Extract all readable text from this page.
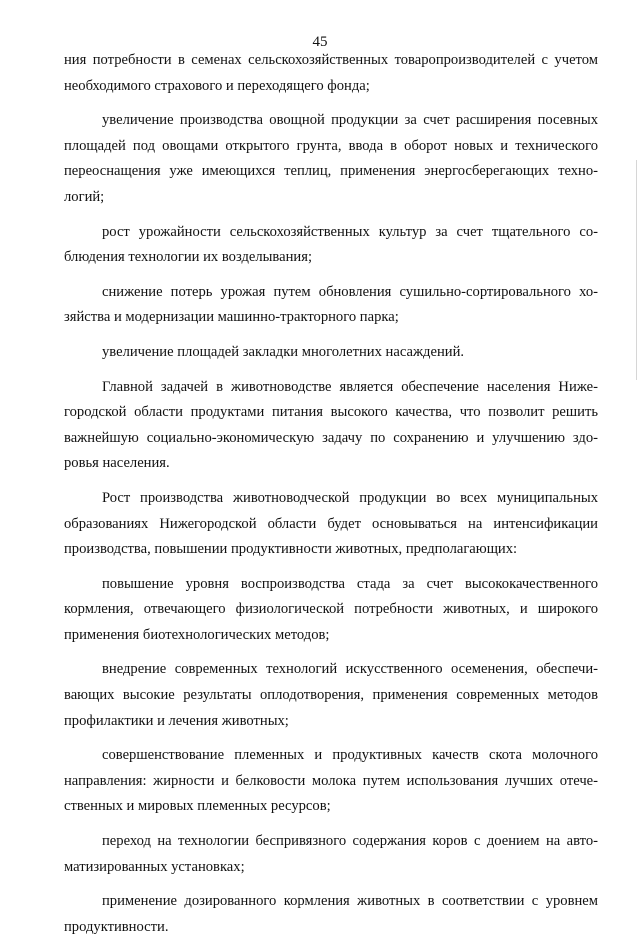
45
ния потребности в семенах сельскохозяйственных товаропроизводителей с учетом
необходимого страхового и переходящего фонда;
увеличение производства овощной продукции за счет расширения посевных
площадей под овощами открытого грунта, ввода в оборот новых и технического
переоснащения уже имеющихся теплиц, применения энергосберегающих техно-
логий;
рост урожайности сельскохозяйственных культур за счет тщательного со-
блюдения технологии их возделывания;
снижение потерь урожая путем обновления сушильно-сортировального хо-
зяйства и модернизации машинно-тракторного парка;
увеличение площадей закладки многолетних насаждений.
Главной задачей в животноводстве является обеспечение населения Ниже-
городской области продуктами питания высокого качества, что позволит решить
важнейшую социально-экономическую задачу по сохранению и улучшению здо-
ровья населения.
Рост производства животноводческой продукции во всех муниципальных
образованиях Нижегородской области будет основываться на интенсификации
производства, повышении продуктивности животных, предполагающих:
повышение уровня воспроизводства стада за счет высококачественного
кормления, отвечающего физиологической потребности животных, и широкого
применения биотехнологических методов;
внедрение современных технологий искусственного осеменения, обеспечи-
вающих высокие результаты оплодотворения, применения современных методов
профилактики и лечения животных;
совершенствование племенных и продуктивных качеств скота молочного
направления: жирности и белковости молока путем использования лучших отече-
ственных и мировых племенных ресурсов;
переход на технологии беспривязного содержания коров с доением на авто-
матизированных установках;
применение дозированного кормления животных в соответствии с уровнем
продуктивности.
